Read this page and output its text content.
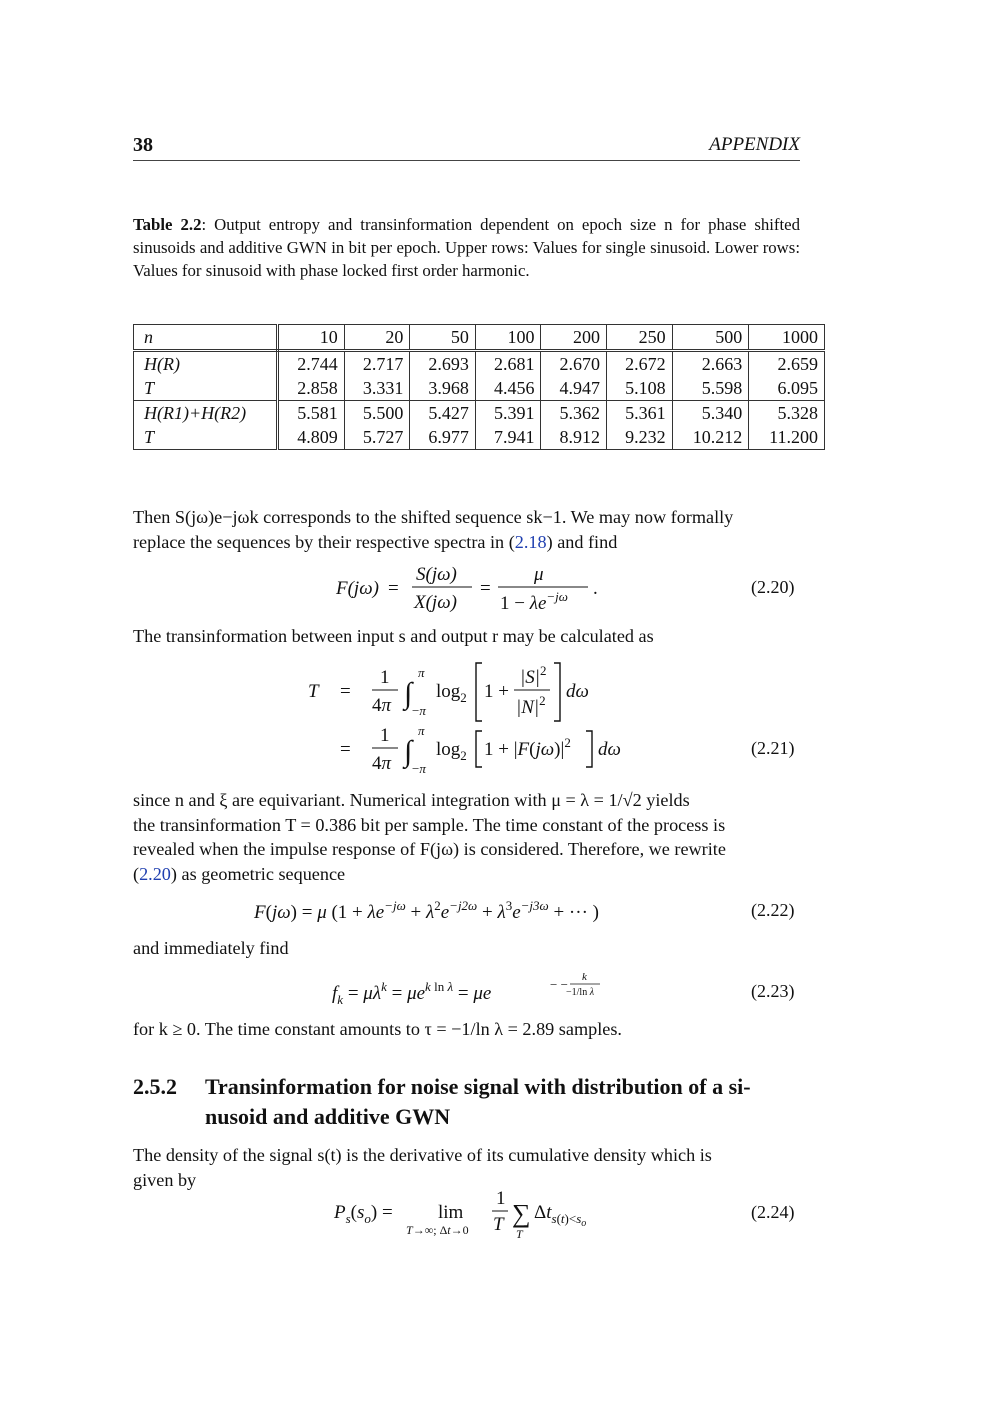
38	APPENDIX
Table 2.2: Output entropy and transinformation dependent on epoch size n for phase shifted sinusoids and additive GWN in bit per epoch. Upper rows: Values for single sinusoid. Lower rows: Values for sinusoid with phase locked first order harmonic.
n	10	20	50	100	200	250	500	1000
H(R)	2.744	2.717	2.693	2.681	2.670	2.672	2.663	2.659
T	2.858	3.331	3.968	4.456	4.947	5.108	5.598	6.095
H(R1)+H(R2)	5.581	5.500	5.427	5.391	5.362	5.361	5.340	5.328
T	4.809	5.727	6.977	7.941	8.912	9.232	10.212	11.200
Then S(jω)e−jωk corresponds to the shifted sequence sk−1. We may now formally
replace the sequences by their respective spectra in (2.18) and find
F(jω) =
S(jω)
X(jω)
=
μ
$1 - \lambda e^{-j\omega}$ .	(2.20)
The transinformation between input s and output r may be calculated as
T =
1
4π ∫
π
−π
$\log_2 1$ +
$|S|^2$
$|N|^2$ dω
=
1
4π ∫
π
−π
$\log_2 1 + |F(j\omega)|^2$ dω	(2.21)
since n and ξ are equivariant. Numerical integration with μ = λ = 1/√2 yields
the transinformation T = 0.386 bit per sample. The time constant of the process is
revealed when the impulse response of F(jω) is considered. Therefore, we rewrite
(2.20) as geometric sequence
F(jω) = μ ($1 + \lambda e^{-j\omega} + \lambda^2e^{-j2\omega} + \lambda^3e^{-j3\omega}$ + ··· )	(2.22)
and immediately find
$f_k = \mu\lambda^k = \mu e^{k ln \lambda} = \mu e$	− − k
−1/ln λ	(2.23)
for k ≥ 0. The time constant amounts to τ = −1/ln λ = 2.89 samples.
2.5.2 Transinformation for noise signal with distribution of a si-nusoid and additive GWN
The density of the signal s(t) is the derivative of its cumulative density which is
given by
$P_s(s_o) = \lim$
T→∞; Δt→0
1
T ∑
T
$\Delta t_{s(t)<s_o}$
(2.24)
